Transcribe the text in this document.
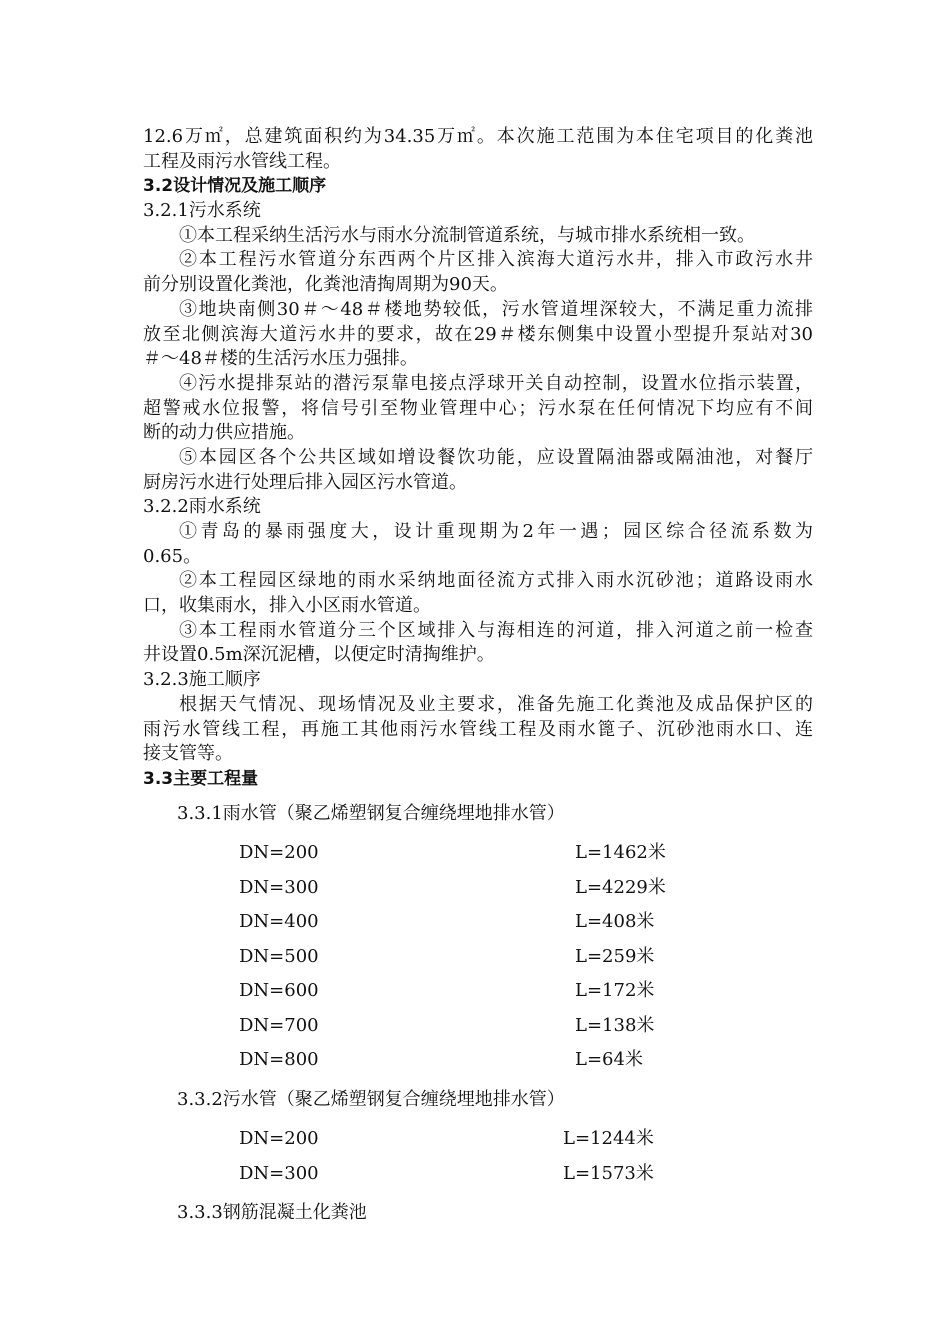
12.6万㎡，总建筑面积约为34.35万㎡。本次施工范围为本住宅项目的化粪池
工程及雨污水管线工程。
3.2设计情况及施工顺序
3.2.1污水系统
①本工程采纳生活污水与雨水分流制管道系统，与城市排水系统相一致。
②本工程污水管道分东西两个片区排入滨海大道污水井，排入市政污水井
前分别设置化粪池，化粪池清掏周期为90天。
③地块南侧30＃～48＃楼地势较低，污水管道埋深较大，不满足重力流排
放至北侧滨海大道污水井的要求，故在29＃楼东侧集中设置小型提升泵站对30
＃～48＃楼的生活污水压力强排。
④污水提排泵站的潜污泵靠电接点浮球开关自动控制，设置水位指示装置，
超警戒水位报警，将信号引至物业管理中心；污水泵在任何情况下均应有不间
断的动力供应措施。
⑤本园区各个公共区域如增设餐饮功能，应设置隔油器或隔油池，对餐厅
厨房污水进行处理后排入园区污水管道。
3.2.2雨水系统
①青岛的暴雨强度大，设计重现期为2年一遇；园区综合径流系数为
0.65。
②本工程园区绿地的雨水采纳地面径流方式排入雨水沉砂池；道路设雨水
口，收集雨水，排入小区雨水管道。
③本工程雨水管道分三个区域排入与海相连的河道，排入河道之前一检查
井设置0.5m深沉泥槽，以便定时清掏维护。
3.2.3施工顺序
根据天气情况、现场情况及业主要求，准备先施工化粪池及成品保护区的
雨污水管线工程，再施工其他雨污水管线工程及雨水篦子、沉砂池雨水口、连
接支管等。
3.3主要工程量
3.3.1雨水管（聚乙烯塑钢复合缠绕埋地排水管）
DN=200	L=1462米
DN=300	L=4229米
DN=400	L=408米
DN=500	L=259米
DN=600	L=172米
DN=700	L=138米
DN=800	L=64米
3.3.2污水管（聚乙烯塑钢复合缠绕埋地排水管）
DN=200	L=1244米
DN=300	L=1573米
3.3.3钢筋混凝土化粪池
